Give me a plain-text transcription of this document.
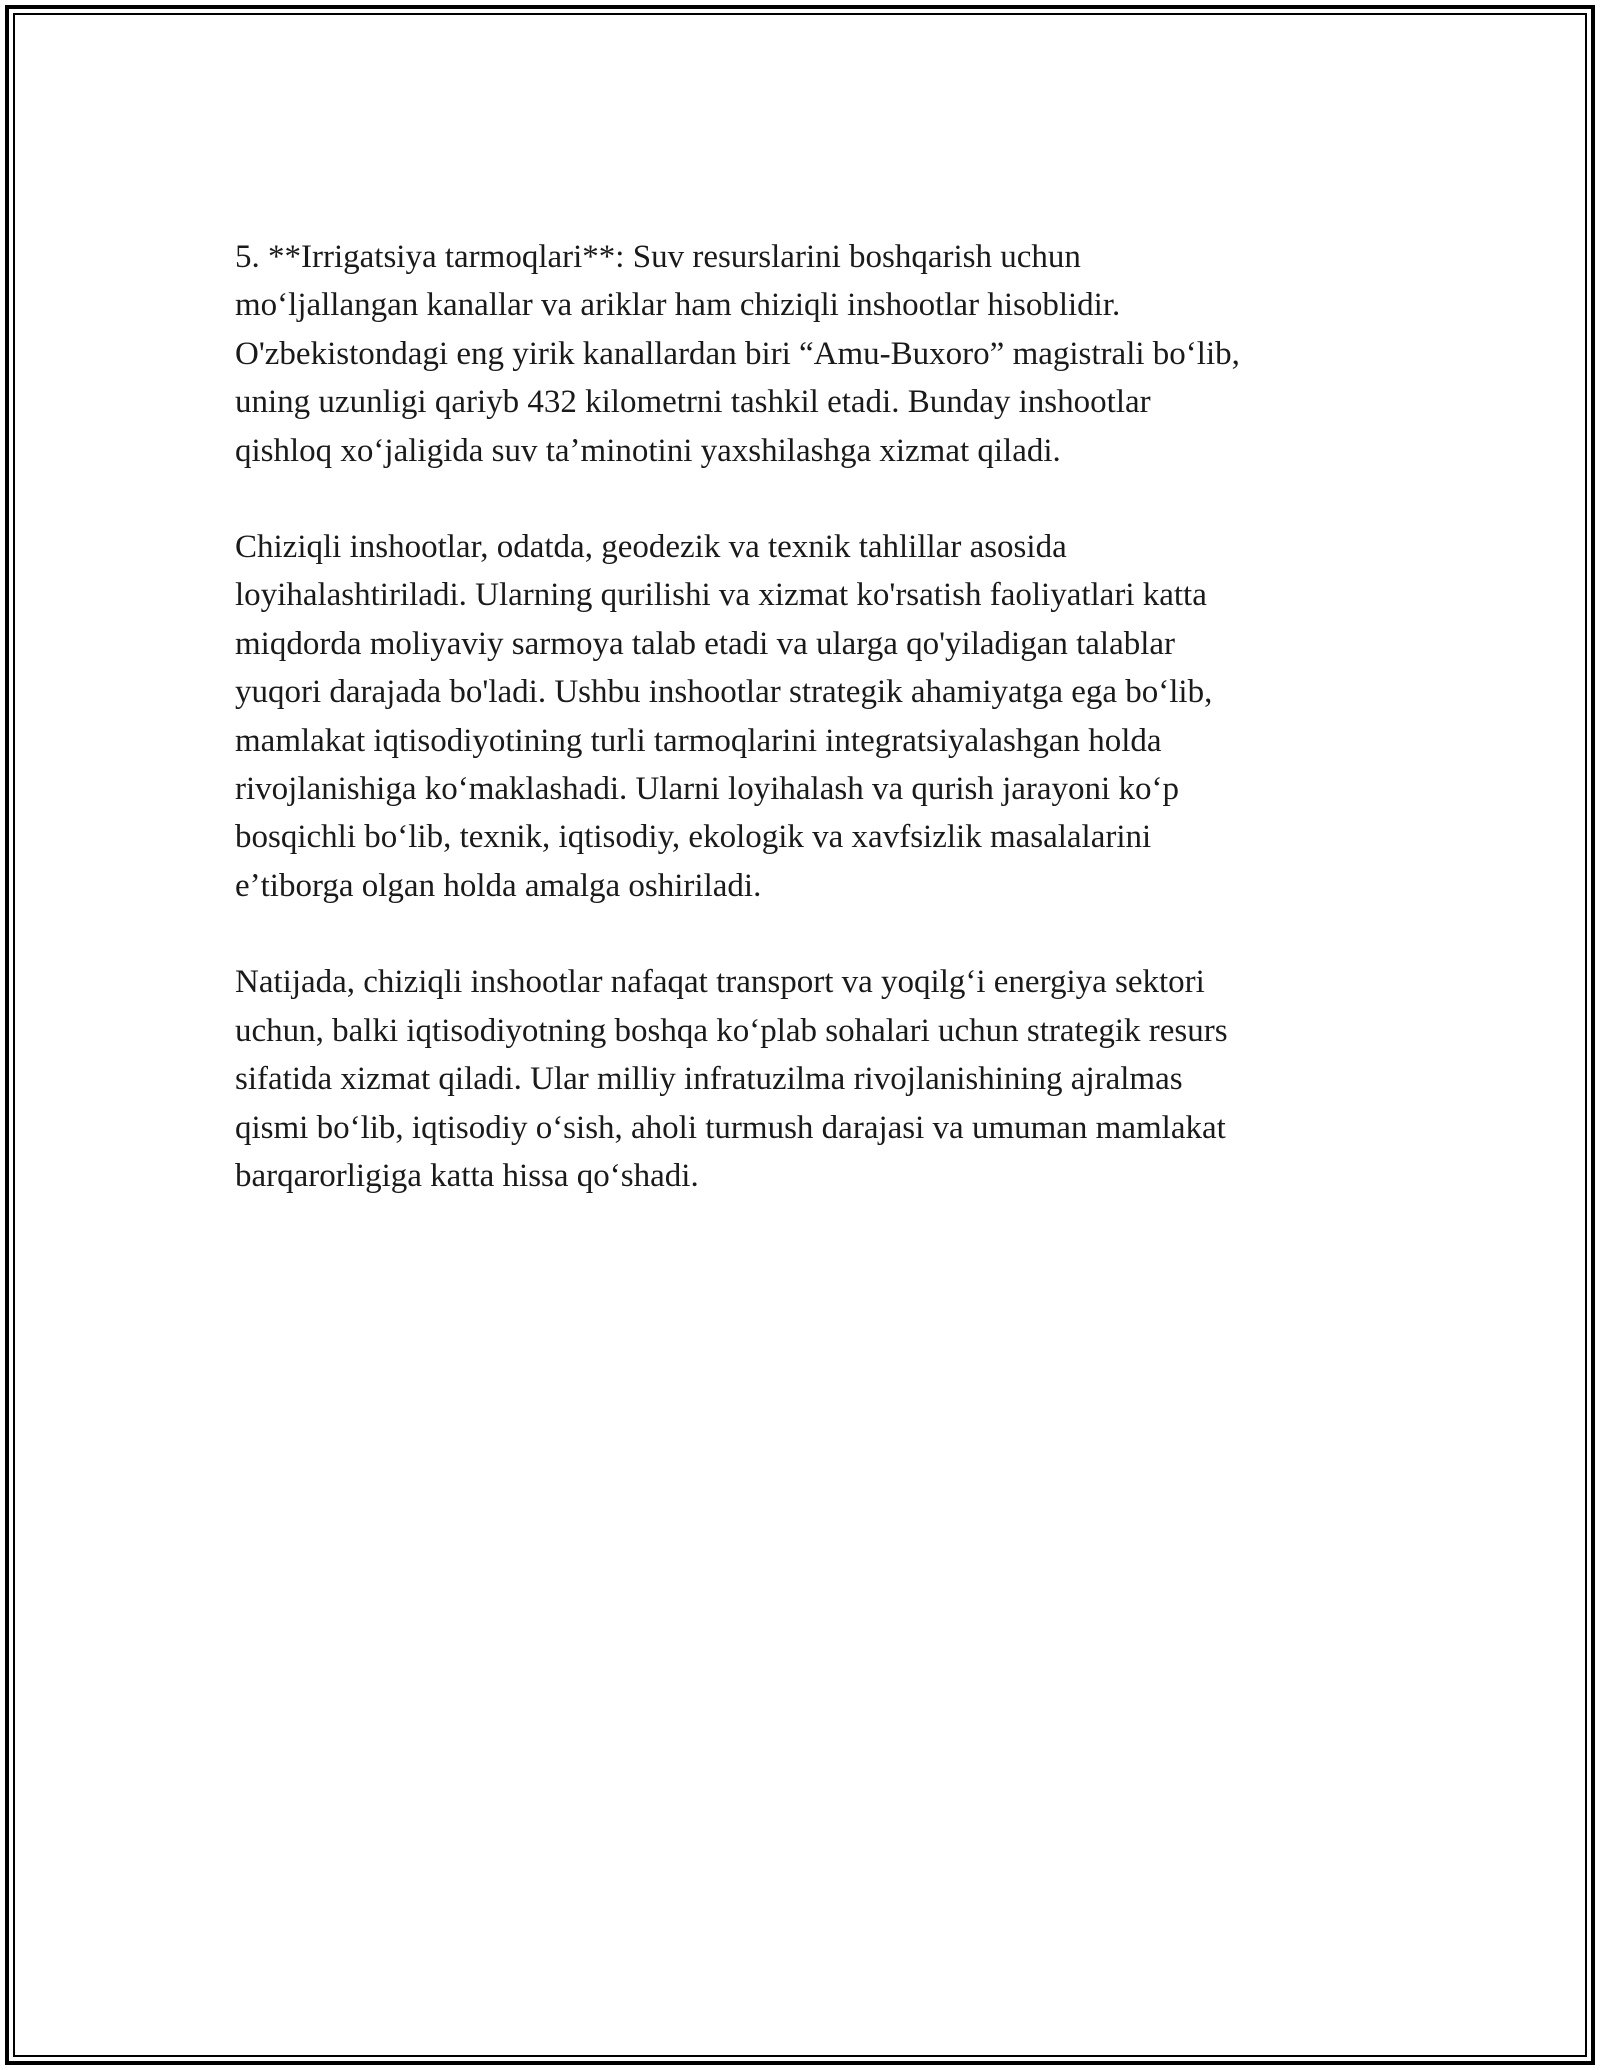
5. **Irrigatsiya tarmoqlari**: Suv resurslarini boshqarish uchun
moʻljallangan kanallar va ariklar ham chiziqli inshootlar hisoblidir.
O'zbekistondagi eng yirik kanallardan biri “Amu-Buxoro” magistrali boʻlib,
uning uzunligi qariyb 432 kilometrni tashkil etadi. Bunday inshootlar
qishloq xoʻjaligida suv taʼminotini yaxshilashga xizmat qiladi.

Chiziqli inshootlar, odatda, geodezik va texnik tahlillar asosida
loyihalashtiriladi. Ularning qurilishi va xizmat ko'rsatish faoliyatlari katta
miqdorda moliyaviy sarmoya talab etadi va ularga qo'yiladigan talablar
yuqori darajada bo'ladi. Ushbu inshootlar strategik ahamiyatga ega boʻlib,
mamlakat iqtisodiyotining turli tarmoqlarini integratsiyalashgan holda
rivojlanishiga koʻmaklashadi. Ularni loyihalash va qurish jarayoni koʻp
bosqichli boʻlib, texnik, iqtisodiy, ekologik va xavfsizlik masalalarini
eʼtiborga olgan holda amalga oshiriladi.

Natijada, chiziqli inshootlar nafaqat transport va yoqilgʻi energiya sektori
uchun, balki iqtisodiyotning boshqa koʻplab sohalari uchun strategik resurs
sifatida xizmat qiladi. Ular milliy infratuzilma rivojlanishining ajralmas
qismi boʻlib, iqtisodiy oʻsish, aholi turmush darajasi va umuman mamlakat
barqarorligiga katta hissa qoʻshadi.
